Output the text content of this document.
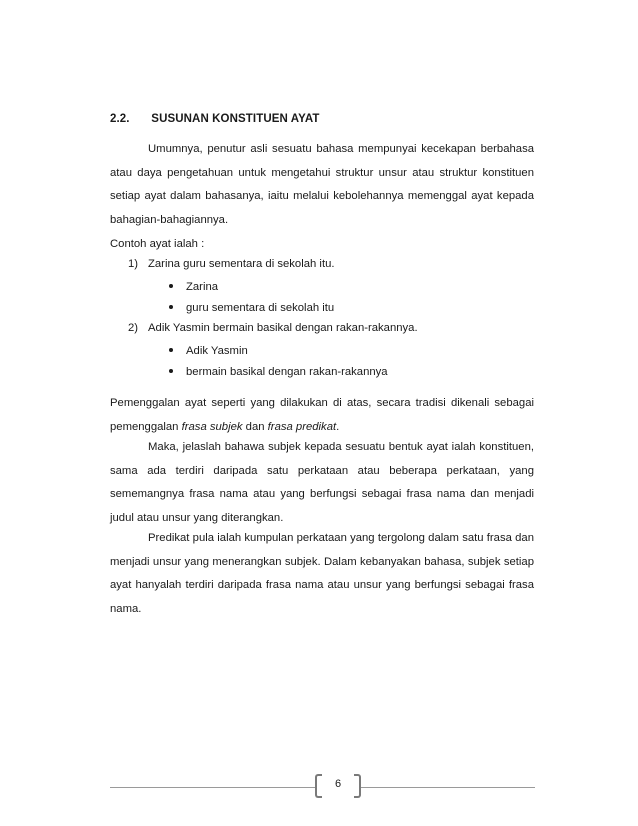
2.2. SUSUNAN KONSTITUEN AYAT
Umumnya, penutur asli sesuatu bahasa mempunyai kecekapan berbahasa atau daya pengetahuan untuk mengetahui struktur unsur atau struktur konstituen setiap ayat dalam bahasanya, iaitu melalui kebolehannya memenggal ayat kepada bahagian-bahagiannya.
Contoh ayat ialah :
1) Zarina guru sementara di sekolah itu.
Zarina
guru sementara di sekolah itu
2) Adik Yasmin bermain basikal dengan rakan-rakannya.
Adik Yasmin
bermain basikal dengan rakan-rakannya
Pemenggalan ayat seperti yang dilakukan di atas, secara tradisi dikenali sebagai pemenggalan frasa subjek dan frasa predikat.
Maka, jelaslah bahawa subjek kepada sesuatu bentuk ayat ialah konstituen, sama ada terdiri daripada satu perkataan atau beberapa perkataan, yang sememangnya frasa nama atau yang berfungsi sebagai frasa nama dan menjadi judul atau unsur yang diterangkan.
Predikat pula ialah kumpulan perkataan yang tergolong dalam satu frasa dan menjadi unsur yang menerangkan subjek. Dalam kebanyakan bahasa, subjek setiap ayat hanyalah terdiri daripada frasa nama atau unsur yang berfungsi sebagai frasa nama.
6
